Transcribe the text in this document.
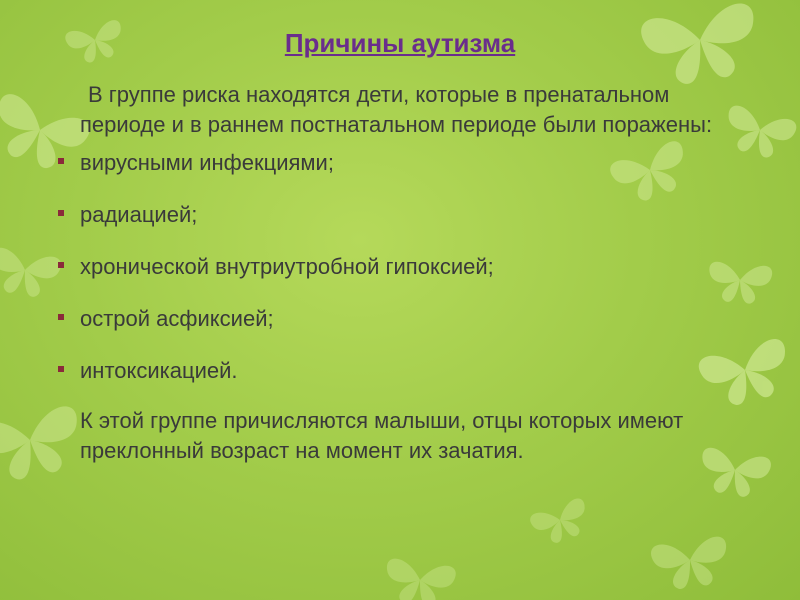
Причины аутизма

В группе риска находятся дети, которые в пренатальном периоде и в раннем постнатальном периоде были поражены:

вирусными инфекциями;
радиацией;
хронической внутриутробной гипоксией;
острой асфиксией;
интоксикацией.

К этой группе причисляются малыши, отцы которых имеют преклонный возраст на момент их зачатия.
